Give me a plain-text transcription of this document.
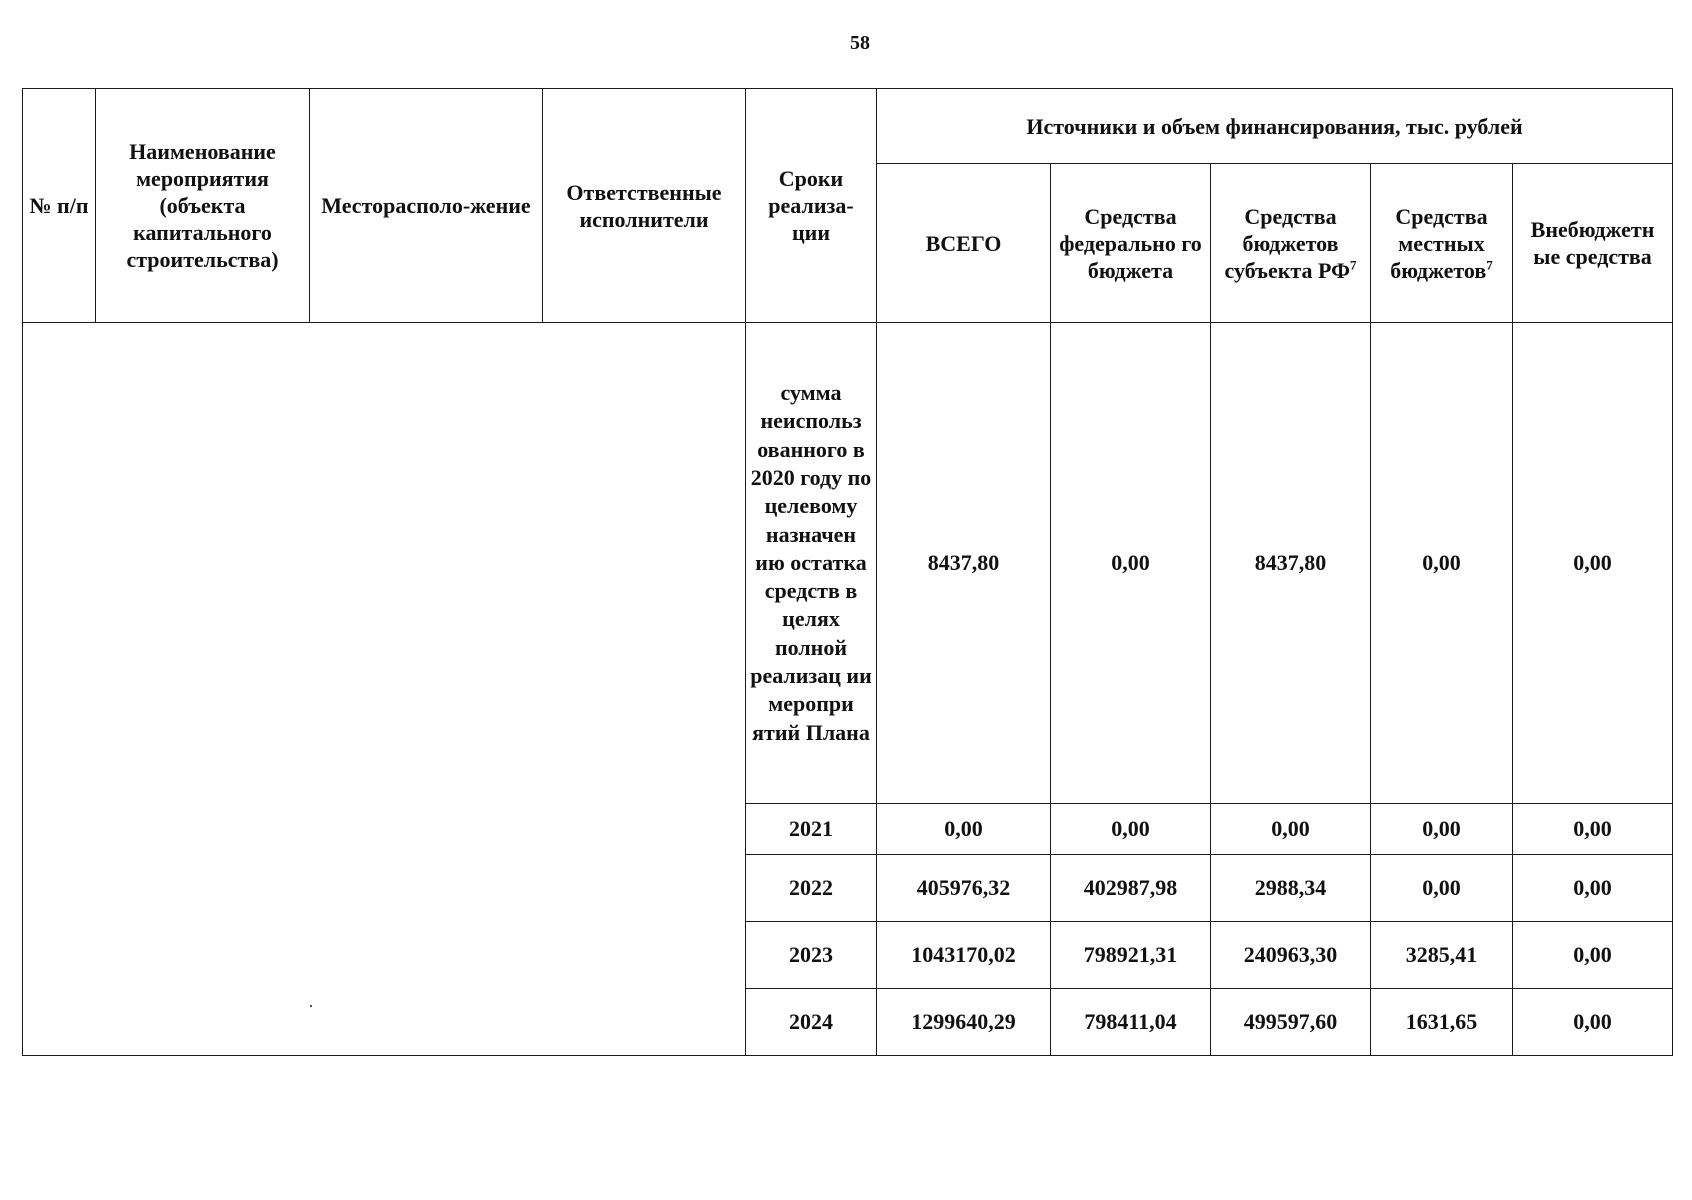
58
№ п/п	Наименование мероприятия (объекта капитального строительства)	Месторасполо-жение	Ответственные исполнители	Сроки реализа-ции	Источники и объем финансирования, тыс. рублей				
					ВСЕГО	Средства федерально го бюджета	Средства бюджетов субъекта $РФ^7$	Средства местных бюджетов$^7$	Внебюджетн ые средства
				сумма неиспольз ованного в 2020 году по целевому назначен ию остатка средств в целях полной реализац ии меропри ятий Плана	8437,80	0,00	8437,80	0,00	0,00
				2021	0,00	0,00	0,00	0,00	0,00
				2022	405976,32	402987,98	2988,34	0,00	0,00
				2023	1043170,02	798921,31	240963,30	3285,41	0,00
				2024	1299640,29	798411,04	499597,60	1631,65	0,00
